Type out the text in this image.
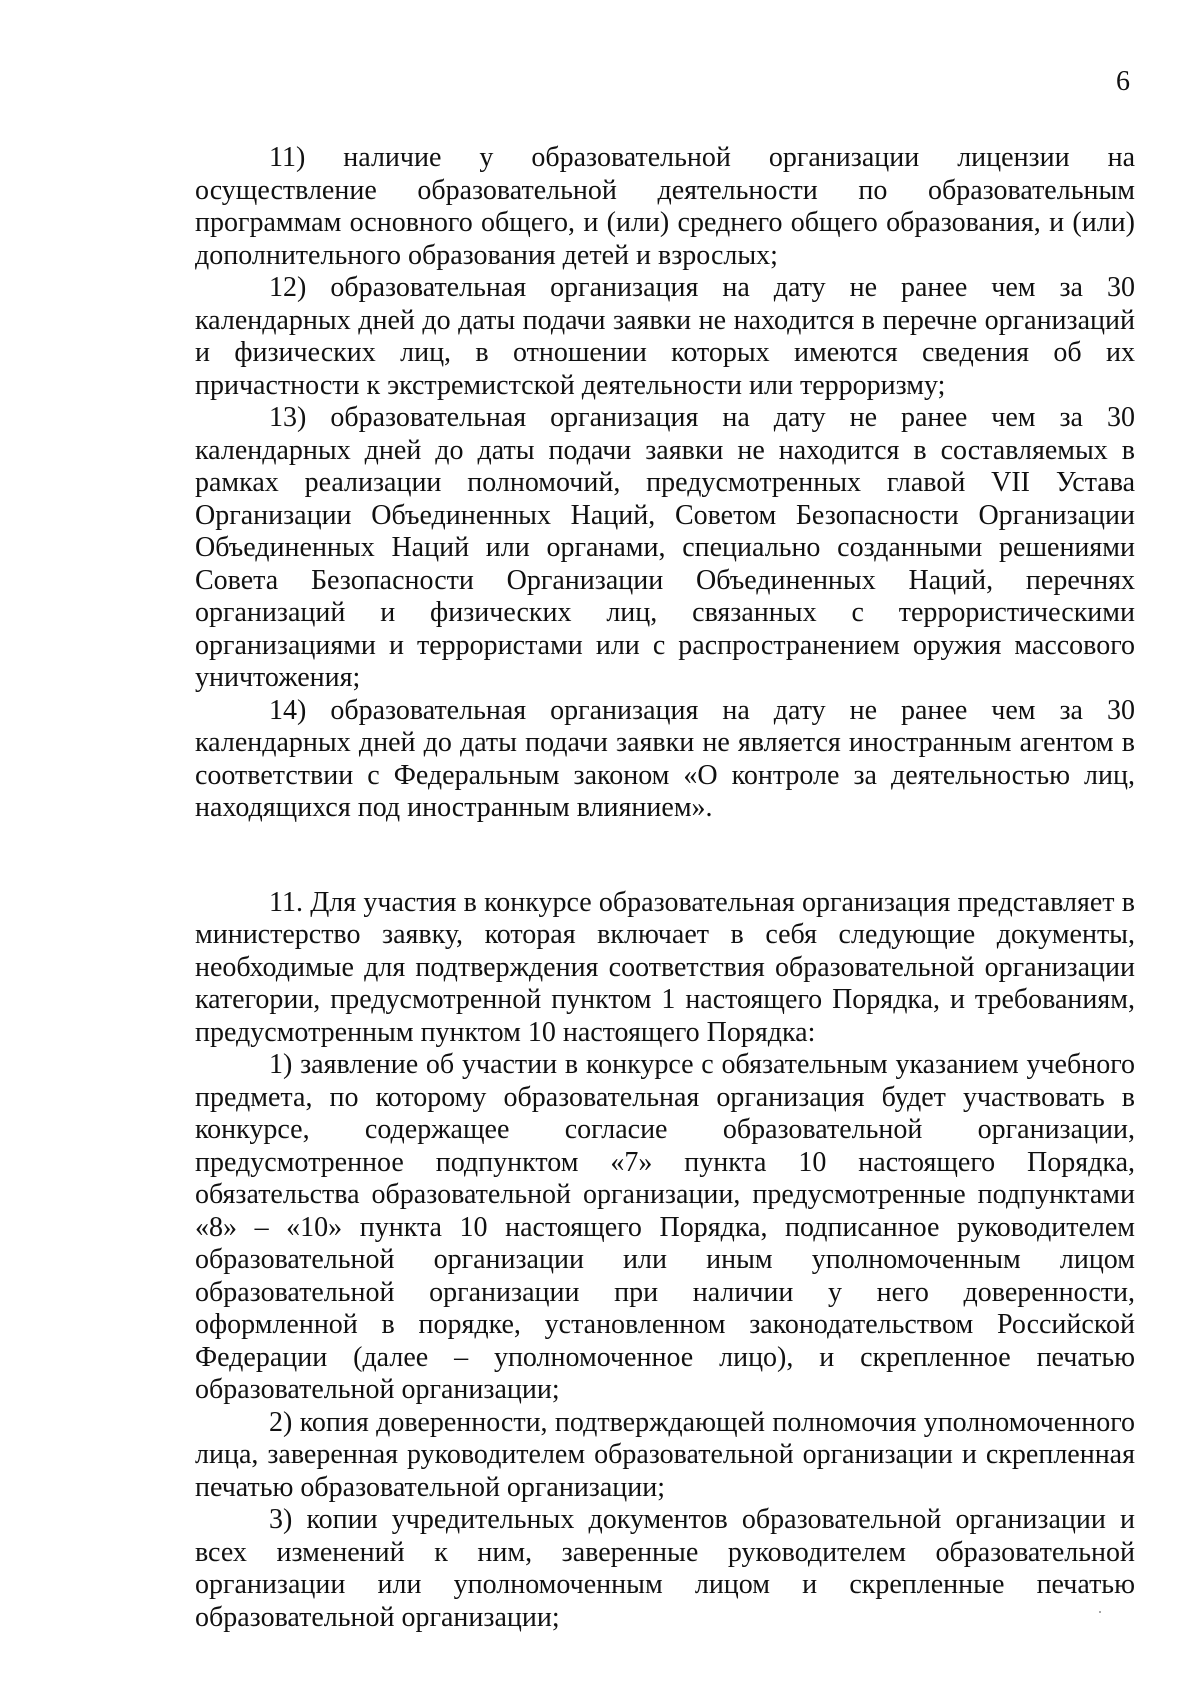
6

11) наличие у образовательной организации лицензии на осуществление образовательной деятельности по образовательным программам основного общего, и (или) среднего общего образования, и (или) дополнительного образования детей и взрослых;

12) образовательная организация на дату не ранее чем за 30 календарных дней до даты подачи заявки не находится в перечне организаций и физических лиц, в отношении которых имеются сведения об их причастности к экстремистской деятельности или терроризму;

13) образовательная организация на дату не ранее чем за 30 календарных дней до даты подачи заявки не находится в составляемых в рамках реализации полномочий, предусмотренных главой VII Устава Организации Объединенных Наций, Советом Безопасности Организации Объединенных Наций или органами, специально созданными решениями Совета Безопасности Организации Объединенных Наций, перечнях организаций и физических лиц, связанных с террористическими организациями и террористами или с распространением оружия массового уничтожения;

14) образовательная организация на дату не ранее чем за 30 календарных дней до даты подачи заявки не является иностранным агентом в соответствии с Федеральным законом «О контроле за деятельностью лиц, находящихся под иностранным влиянием».

11. Для участия в конкурсе образовательная организация представляет в министерство заявку, которая включает в себя следующие документы, необходимые для подтверждения соответствия образовательной организации категории, предусмотренной пунктом 1 настоящего Порядка, и требованиям, предусмотренным пунктом 10 настоящего Порядка:

1) заявление об участии в конкурсе с обязательным указанием учебного предмета, по которому образовательная организация будет участвовать в конкурсе, содержащее согласие образовательной организации, предусмотренное подпунктом «7» пункта 10 настоящего Порядка, обязательства образовательной организации, предусмотренные подпунктами «8» – «10» пункта 10 настоящего Порядка, подписанное руководителем образовательной организации или иным уполномоченным лицом образовательной организации при наличии у него доверенности, оформленной в порядке, установленном законодательством Российской Федерации (далее – уполномоченное лицо), и скрепленное печатью образовательной организации;

2) копия доверенности, подтверждающей полномочия уполномоченного лица, заверенная руководителем образовательной организации и скрепленная печатью образовательной организации;

3) копии учредительных документов образовательной организации и всех изменений к ним, заверенные руководителем образовательной организации или уполномоченным лицом и скрепленные печатью образовательной организации;
